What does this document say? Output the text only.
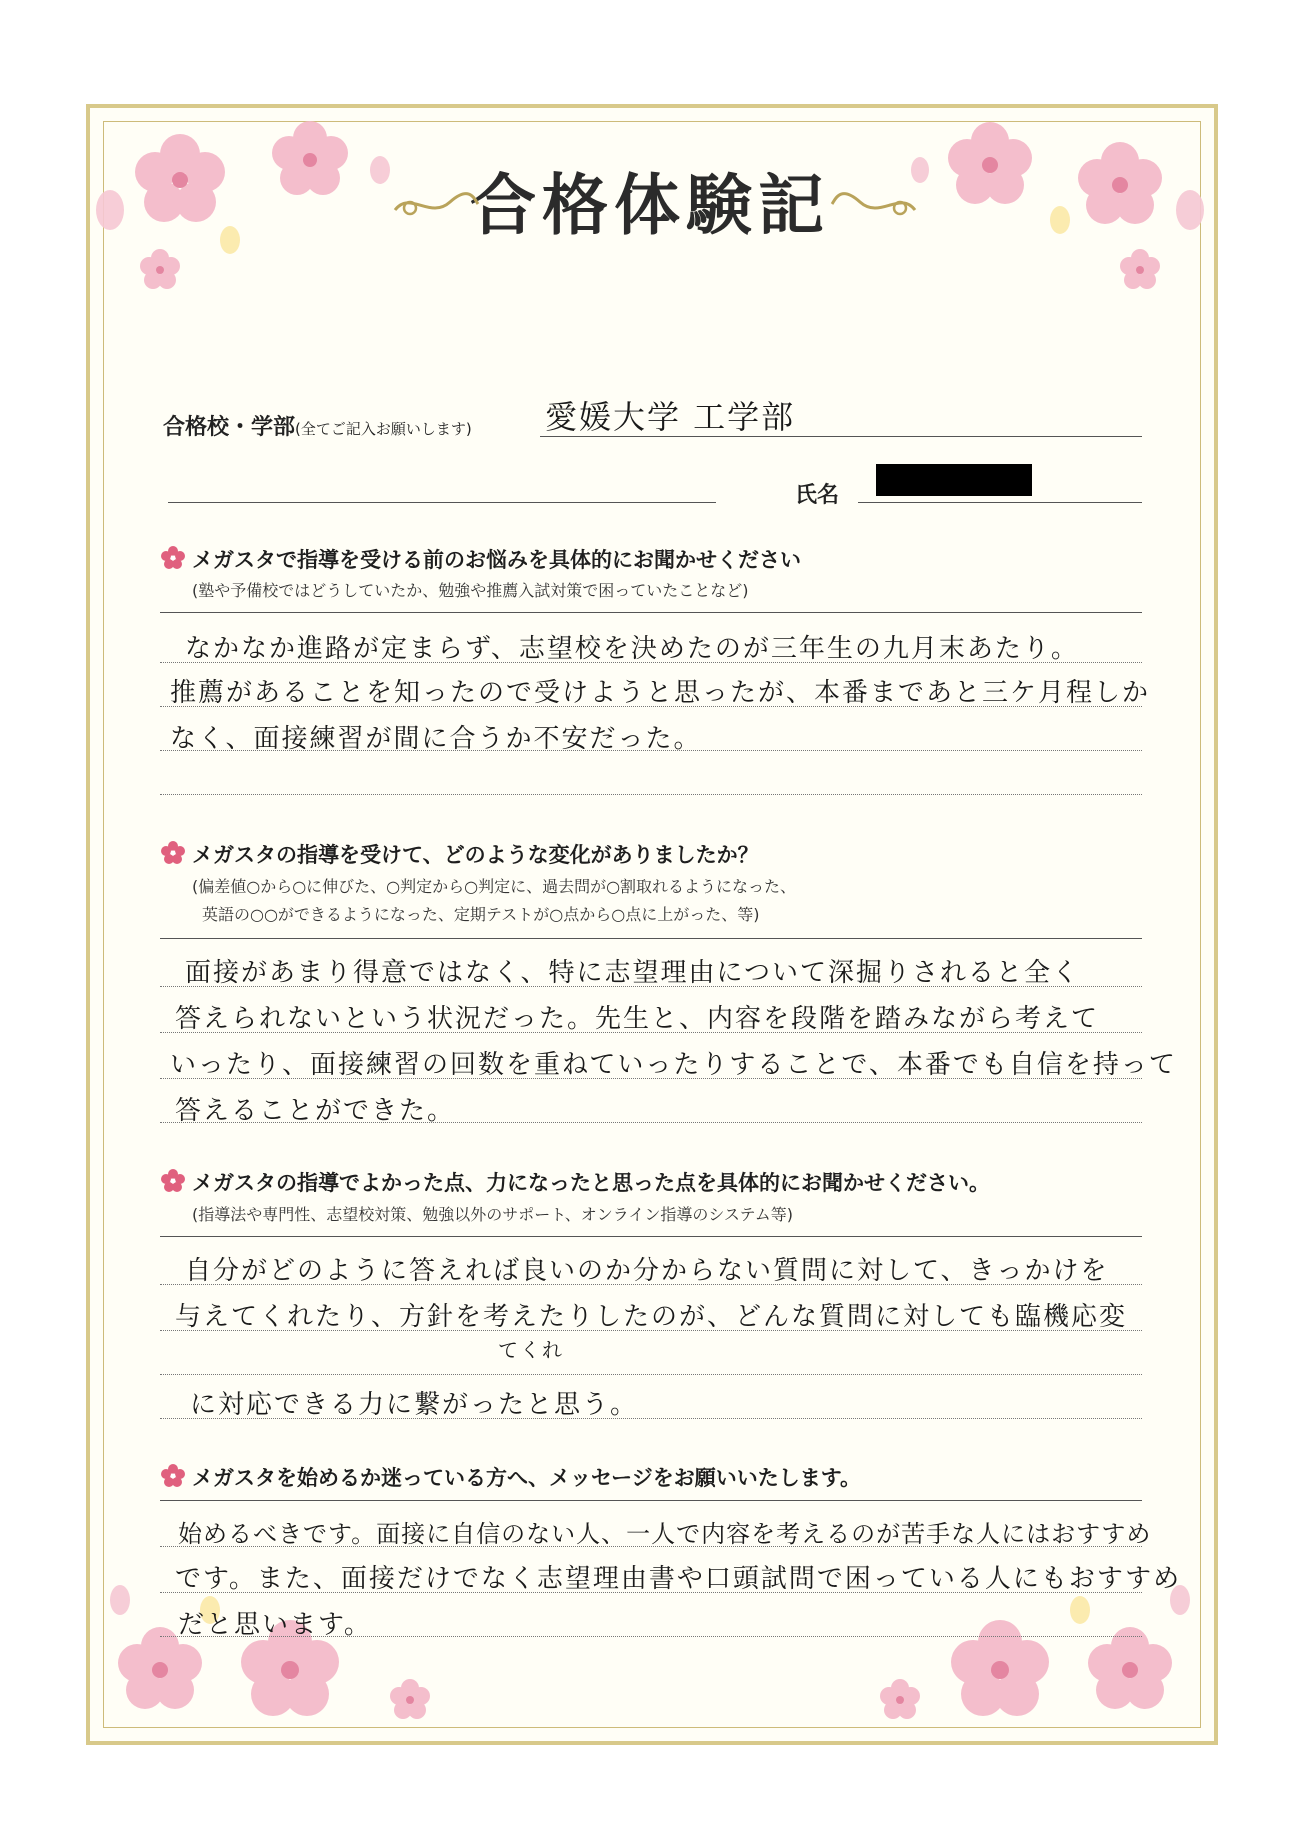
合格体験記
合格校・学部(全てご記入お願いします) 愛媛大学 工学部
氏名
メガスタで指導を受ける前のお悩みを具体的にお聞かせください
(塾や予備校ではどうしていたか、勉強や推薦入試対策で困っていたことなど)
なかなか進路が定まらず、志望校を決めたのが三年生の九月末あたり。
推薦があることを知ったので受けようと思ったが、本番まであと三ケ月程しか
なく、面接練習が間に合うか不安だった。
メガスタの指導を受けて、どのような変化がありましたか？
(偏差値○から○に伸びた、○判定から○判定に、過去問が○割取れるようになった、
英語の○○ができるようになった、定期テストが○点から○点に上がった、等)
面接があまり得意ではなく、特に志望理由について深掘りされると全く
答えられないという状況だった。先生と、内容を段階を踏みながら考えて
いったり、面接練習の回数を重ねていったりすることで、本番でも自信を持って
答えることができた。
メガスタの指導でよかった点、力になったと思った点を具体的にお聞かせください。
(指導法や専門性、志望校対策、勉強以外のサポート、オンライン指導のシステム等)
自分がどのように答えれば良いのか分からない質問に対して、きっかけを
与えてくれたり、方針を考えたりしたのが、どんな質問に対しても臨機応変
てくれ
に対応できる力に繋がったと思う。
メガスタを始めるか迷っている方へ、メッセージをお願いいたします。
始めるべきです。面接に自信のない人、一人で内容を考えるのが苦手な人にはおすすめ
です。また、面接だけでなく志望理由書や口頭試問で困っている人にもおすすめ
だと思います。
